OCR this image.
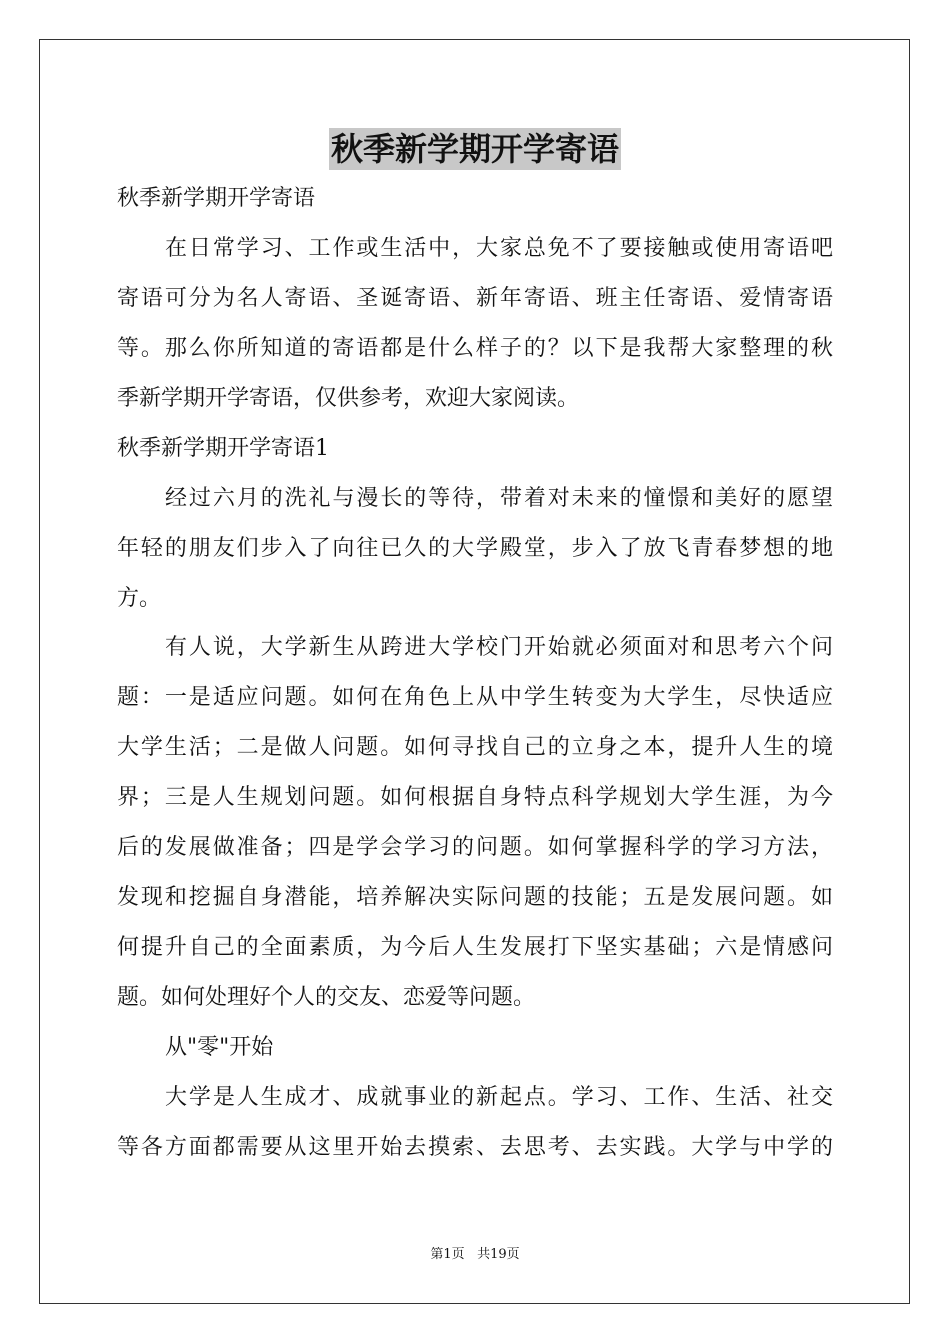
秋季新学期开学寄语
秋季新学期开学寄语
在日常学习、工作或生活中，大家总免不了要接触或使用寄语吧
寄语可分为名人寄语、圣诞寄语、新年寄语、班主任寄语、爱情寄语
等。那么你所知道的寄语都是什么样子的？以下是我帮大家整理的秋
季新学期开学寄语，仅供参考，欢迎大家阅读。
秋季新学期开学寄语1
经过六月的洗礼与漫长的等待，带着对未来的憧憬和美好的愿望
年轻的朋友们步入了向往已久的大学殿堂，步入了放飞青春梦想的地
方。
有人说，大学新生从跨进大学校门开始就必须面对和思考六个问
题：一是适应问题。如何在角色上从中学生转变为大学生，尽快适应
大学生活；二是做人问题。如何寻找自己的立身之本，提升人生的境
界；三是人生规划问题。如何根据自身特点科学规划大学生涯，为今
后的发展做准备；四是学会学习的问题。如何掌握科学的学习方法，
发现和挖掘自身潜能，培养解决实际问题的技能；五是发展问题。如
何提升自己的全面素质，为今后人生发展打下坚实基础；六是情感问
题。如何处理好个人的交友、恋爱等问题。
从"零"开始
大学是人生成才、成就事业的新起点。学习、工作、生活、社交
等各方面都需要从这里开始去摸索、去思考、去实践。大学与中学的
第1页 共19页
